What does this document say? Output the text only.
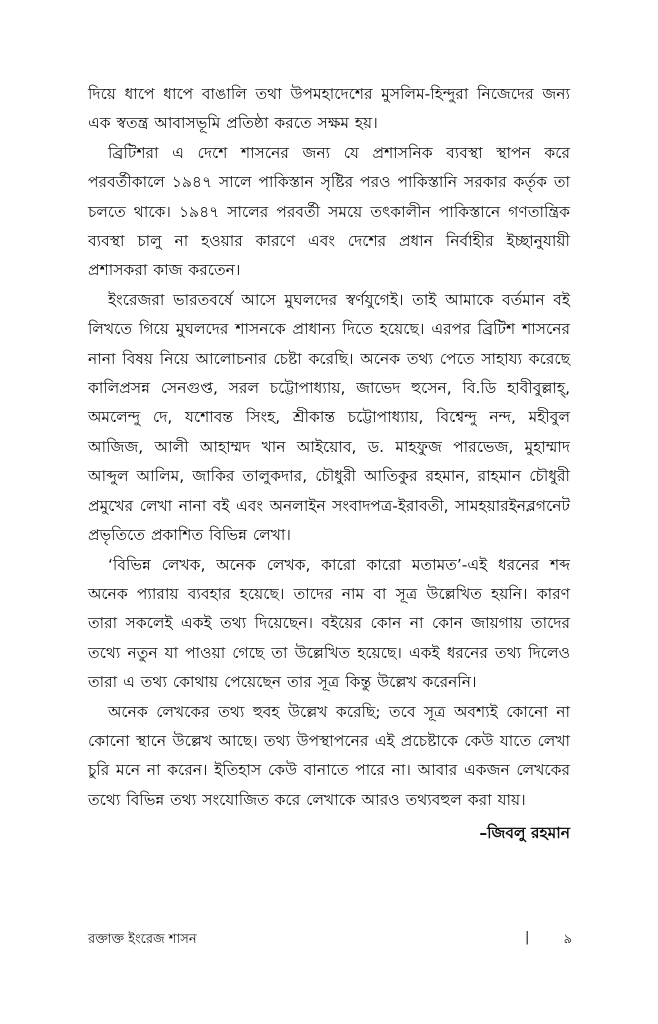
দিয়ে ধাপে ধাপে বাঙালি তথা উপমহাদেশের মুসলিম-হিন্দুরা নিজেদের জন্য এক স্বতন্ত্র আবাসভূমি প্রতিষ্ঠা করতে সক্ষম হয়।

ব্রিটিশরা এ দেশে শাসনের জন্য যে প্রশাসনিক ব্যবস্থা স্থাপন করে পরবর্তীকালে ১৯৪৭ সালে পাকিস্তান সৃষ্টির পরও পাকিস্তানি সরকার কর্তৃক তা চলতে থাকে। ১৯৪৭ সালের পরবর্তী সময়ে তৎকালীন পাকিস্তানে গণতান্ত্রিক ব্যবস্থা চালু না হওয়ার কারণে এবং দেশের প্রধান নির্বাহীর ইচ্ছানুযায়ী প্রশাসকরা কাজ করতেন।

ইংরেজরা ভারতবর্ষে আসে মুঘলদের স্বর্ণযুগেই। তাই আমাকে বর্তমান বই লিখতে গিয়ে মুঘলদের শাসনকে প্রাধান্য দিতে হয়েছে। এরপর ব্রিটিশ শাসনের নানা বিষয় নিয়ে আলোচনার চেষ্টা করেছি। অনেক তথ্য পেতে সাহায্য করেছে কালিপ্রসন্ন সেনগুপ্ত, সরল চট্টোপাধ্যায়, জাভেদ হুসেন, বি.ডি হাবীবুল্লাহ্, অমলেন্দু দে, যশোবন্ত সিংহ, শ্রীকান্ত চট্টোপাধ্যায়, বিশ্বেন্দু নন্দ, মহীবুল আজিজ, আলী আহাম্মদ খান আইয়োব, ড. মাহফুজ পারভেজ, মুহাম্মাদ আব্দুল আলিম, জাকির তালুকদার, চৌধুরী আতিকুর রহমান, রাহমান চৌধুরী প্রমুখের লেখা নানা বই এবং অনলাইন সংবাদপত্র-ইরাবতী, সামহয়ারইনব্লগনেট প্রভৃতিতে প্রকাশিত বিভিন্ন লেখা।

‘বিভিন্ন লেখক, অনেক লেখক, কারো কারো মতামত’-এই ধরনের শব্দ অনেক প্যারায় ব্যবহার হয়েছে। তাদের নাম বা সূত্র উল্লেখিত হয়নি। কারণ তারা সকলেই একই তথ্য দিয়েছেন। বইয়ের কোন না কোন জায়গায় তাদের তথ্যে নতুন যা পাওয়া গেছে তা উল্লেখিত হয়েছে। একই ধরনের তথ্য দিলেও তারা এ তথ্য কোথায় পেয়েছেন তার সূত্র কিন্তু উল্লেখ করেননি।

অনেক লেখকের তথ্য হুবহ উল্লেখ করেছি; তবে সূত্র অবশ্যই কোনো না কোনো স্থানে উল্লেখ আছে। তথ্য উপস্থাপনের এই প্রচেষ্টাকে কেউ যাতে লেখা চুরি মনে না করেন। ইতিহাস কেউ বানাতে পারে না। আবার একজন লেখকের তথ্যে বিভিন্ন তথ্য সংযোজিত করে লেখাকে আরও তথ্যবহুল করা যায়।

–জিবলু রহমান

রক্তাক্ত ইংরেজ শাসন	|	৯
